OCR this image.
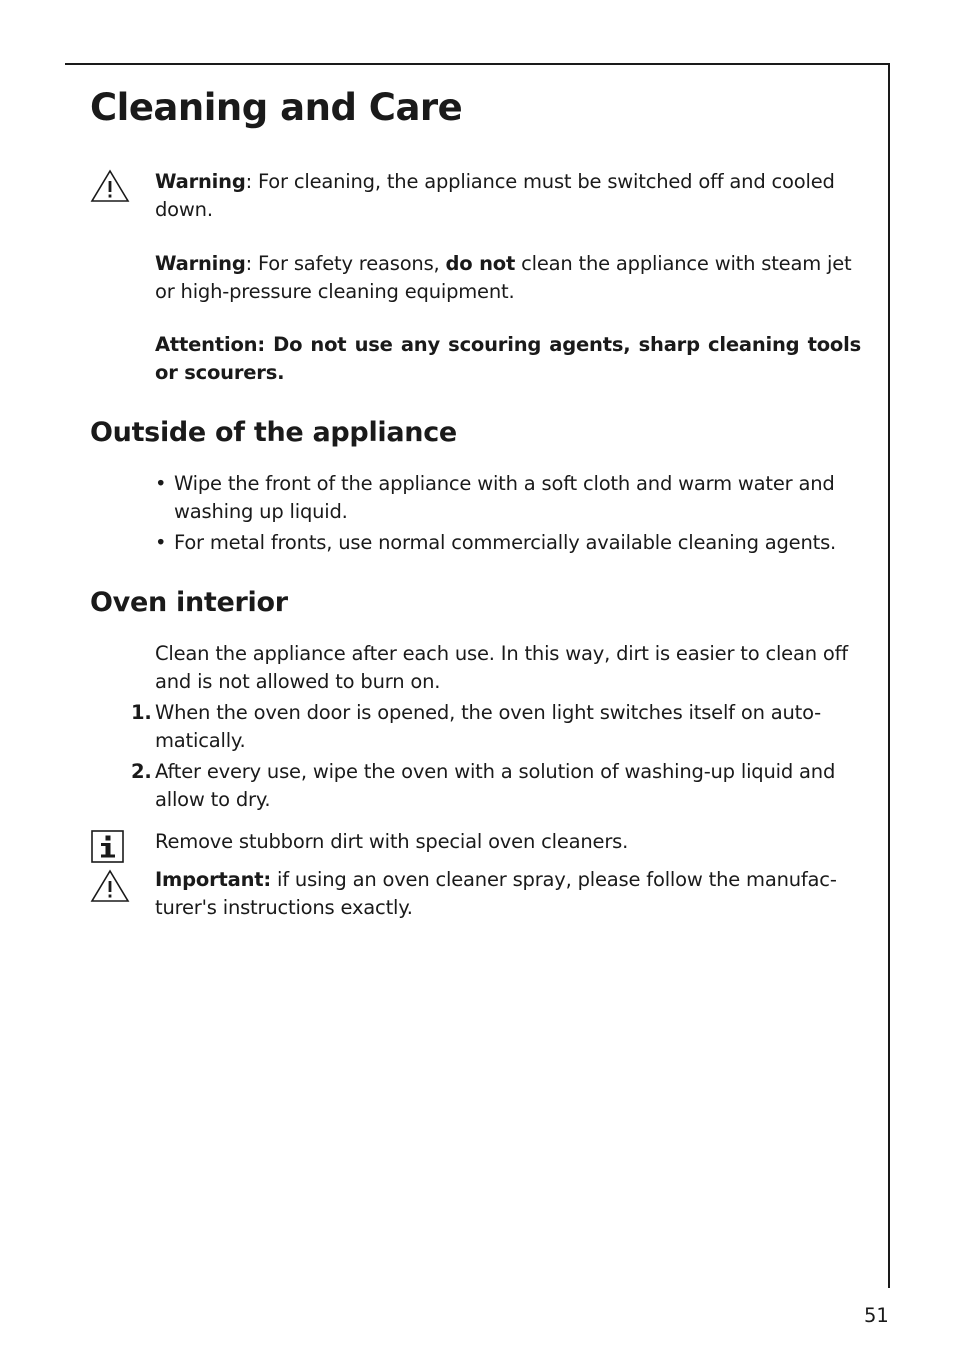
Cleaning and Care

Warning: For cleaning, the appliance must be switched off and cooled down.

Warning: For safety reasons, do not clean the appliance with steam jet or high-pressure cleaning equipment.

Attention: Do not use any scouring agents, sharp cleaning tools or scourers.

Outside of the appliance

• Wipe the front of the appliance with a soft cloth and warm water and washing up liquid.

• For metal fronts, use normal commercially available cleaning agents.

Oven interior

Clean the appliance after each use. In this way, dirt is easier to clean off and is not allowed to burn on.

1. When the oven door is opened, the oven light switches itself on auto-matically.

2. After every use, wipe the oven with a solution of washing-up liquid and allow to dry.

Remove stubborn dirt with special oven cleaners.

Important: if using an oven cleaner spray, please follow the manufac-turer's instructions exactly.

51
